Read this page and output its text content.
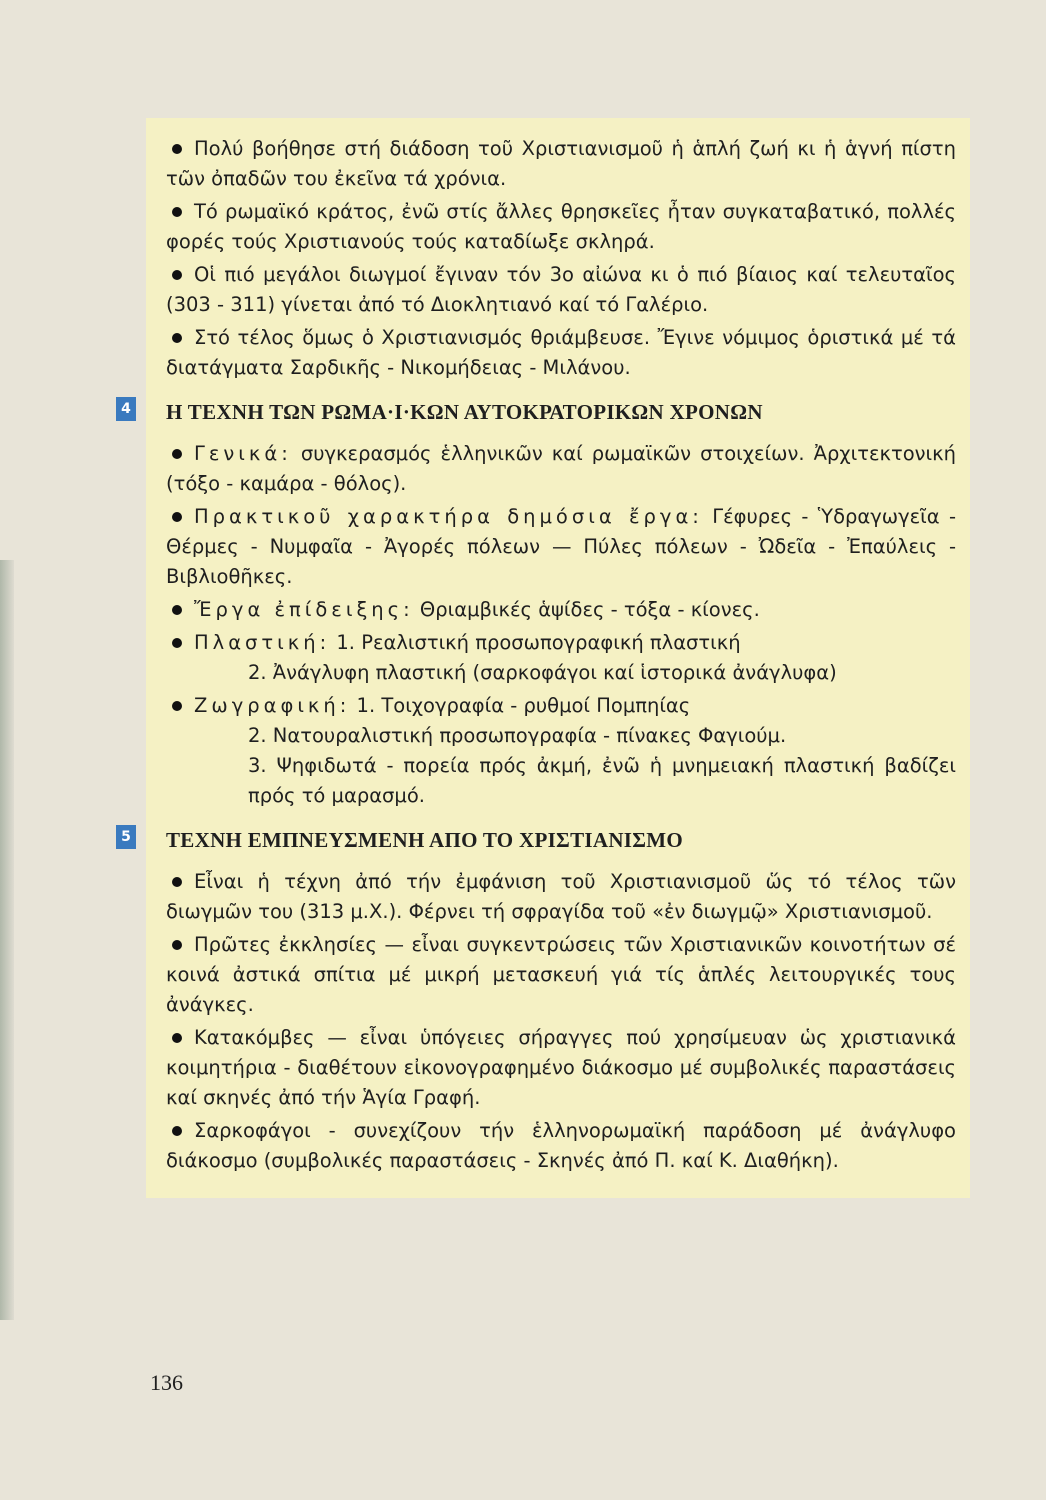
Πολύ βοήθησε στή διάδοση τοῦ Χριστιανισμοῦ ἡ ἁπλή ζωή κι ἡ ἁγνή πίστη τῶν ὀπαδῶν του ἐκεῖνα τά χρόνια.

Τό ρωμαϊκό κράτος, ἐνῶ στίς ἄλλες θρησκεῖες ἦταν συγκαταβατικό, πολλές φορές τούς Χριστιανούς τούς καταδίωξε σκληρά.

Οἱ πιό μεγάλοι διωγμοί ἔγιναν τόν 3ο αἰώνα κι ὁ πιό βίαιος καί τελευταῖος (303 - 311) γίνεται ἀπό τό Διοκλητιανό καί τό Γαλέριο.

Στό τέλος ὅμως ὁ Χριστιανισμός θριάμβευσε. Ἔγινε νόμιμος ὁριστικά μέ τά διατάγματα Σαρδικῆς - Νικομήδειας - Μιλάνου.

4 Η ΤΕΧΝΗ ΤΩΝ ΡΩΜΑ·Ι·ΚΩΝ ΑΥΤΟΚΡΑΤΟΡΙΚΩΝ ΧΡΟΝΩΝ

Γενικά: συγκερασμός ἑλληνικῶν καί ρωμαϊκῶν στοιχείων. Ἀρχιτεκτονική (τόξο - καμάρα - θόλος).

Πρακτικοῦ χαρακτήρα δημόσια ἔργα: Γέφυρες - Ὑδραγωγεῖα - Θέρμες - Νυμφαῖα - Ἀγορές πόλεων — Πύλες πόλεων - Ὠδεῖα - Ἐπαύλεις - Βιβλιοθῆκες.

Ἔργα ἐπίδειξης: Θριαμβικές ἁψίδες - τόξα - κίονες.

Πλαστική: 1. Ρεαλιστική προσωπογραφική πλαστική
2. Ἀνάγλυφη πλαστική (σαρκοφάγοι καί ἱστορικά ἀνάγλυφα)
Ζωγραφική: 1. Τοιχογραφία - ρυθμοί Πομπηίας
2. Νατουραλιστική προσωπογραφία - πίνακες Φαγιούμ.
3. Ψηφιδωτά - πορεία πρός ἀκμή, ἐνῶ ἡ μνημειακή πλαστική βαδίζει πρός τό μαρασμό.
5 ΤΕΧΝΗ ΕΜΠΝΕΥΣΜΕΝΗ ΑΠΟ ΤΟ ΧΡΙΣΤΙΑΝΙΣΜΟ

Εἶναι ἡ τέχνη ἀπό τήν ἐμφάνιση τοῦ Χριστιανισμοῦ ὥς τό τέλος τῶν διωγμῶν του (313 μ.Χ.). Φέρνει τή σφραγίδα τοῦ «ἐν διωγμῷ» Χριστιανισμοῦ.

Πρῶτες ἐκκλησίες — εἶναι συγκεντρώσεις τῶν Χριστιανικῶν κοινοτήτων σέ κοινά ἀστικά σπίτια μέ μικρή μετασκευή γιά τίς ἁπλές λειτουργικές τους ἀνάγκες.

Κατακόμβες — εἶναι ὑπόγειες σήραγγες πού χρησίμευαν ὡς χριστιανικά κοιμητήρια - διαθέτουν εἰκονογραφημένο διάκοσμο μέ συμβολικές παραστάσεις καί σκηνές ἀπό τήν Ἁγία Γραφή.

Σαρκοφάγοι - συνεχίζουν τήν ἑλληνορωμαϊκή παράδοση μέ ἀνάγλυφο διάκοσμο (συμβολικές παραστάσεις - Σκηνές ἀπό Π. καί Κ. Διαθήκη).

136
